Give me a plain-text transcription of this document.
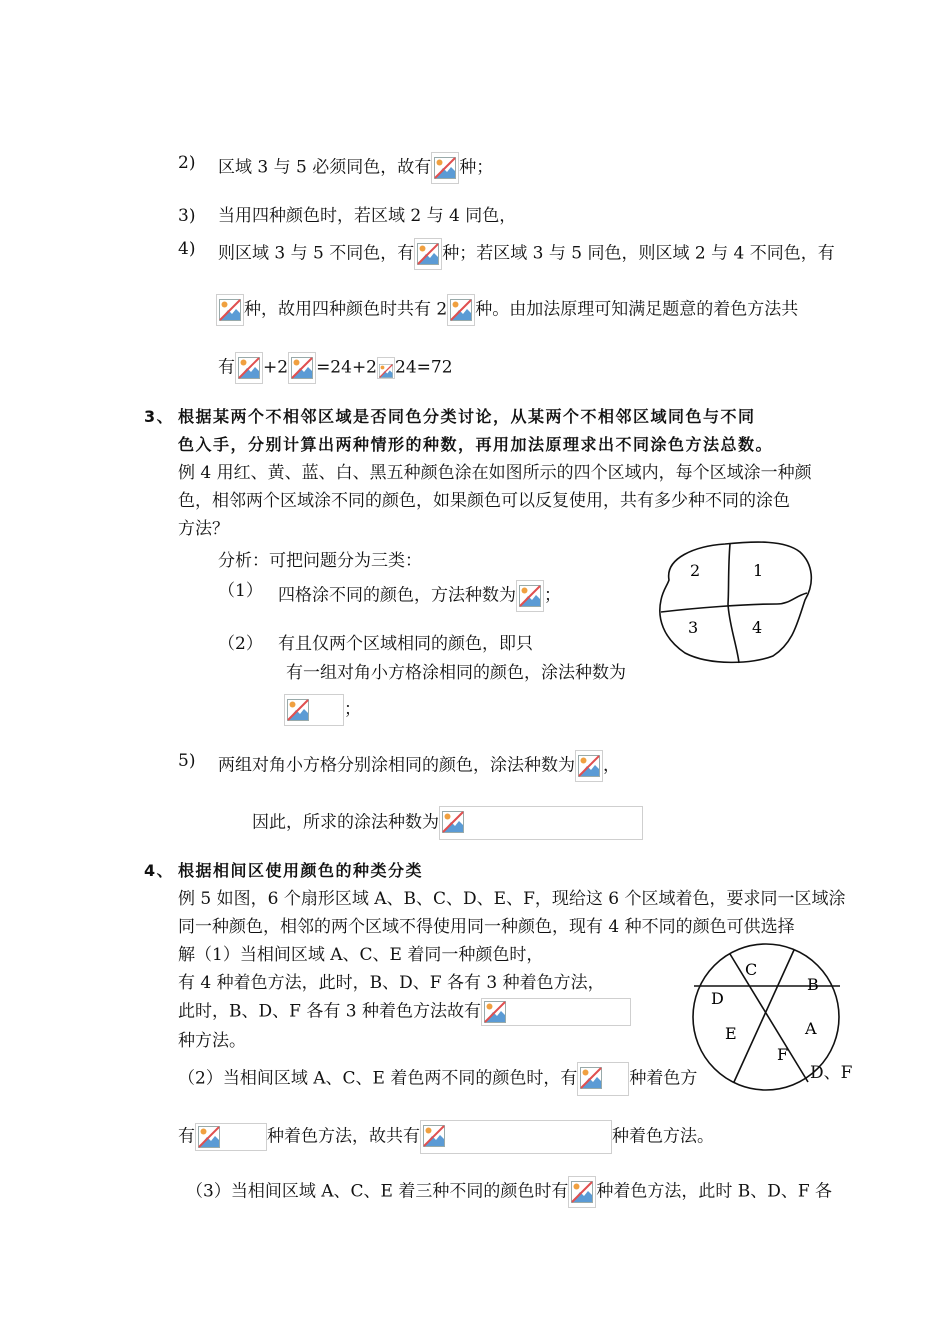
2) 区域 3 与 5 必须同色，故有 种；
3) 当用四种颜色时，若区域 2 与 4 同色，
4) 则区域 3 与 5 不同色，有 种；若区域 3 与 5 同色，则区域 2 与 4 不同色，有
种，故用四种颜色时共有 2 种。由加法原理可知满足题意的着色方法共
有 +2 =24+2 24=72
3、 根据某两个不相邻区域是否同色分类讨论，从某两个不相邻区域同色与不同
色入手，分别计算出两种情形的种数，再用加法原理求出不同涂色方法总数。
例 4 用红、黄、蓝、白、黑五种颜色涂在如图所示的四个区域内，每个区域涂一种颜
色，相邻两个区域涂不同的颜色，如果颜色可以反复使用，共有多少种不同的涂色
方法？
分析：可把问题分为三类：
（1） 四格涂不同的颜色，方法种数为 ；
（2） 有且仅两个区域相同的颜色，即只
有一组对角小方格涂相同的颜色，涂法种数为
；
2	1
3	4
5) 两组对角小方格分别涂相同的颜色，涂法种数为 ，
因此，所求的涂法种数为
4、 根据相间区使用颜色的种类分类
例 5 如图，6 个扇形区域 A、B、C、D、E、F，现给这 6 个区域着色，要求同一区域涂
同一种颜色，相邻的两个区域不得使用同一种颜色，现有 4 种不同的颜色可供选择
解（1）当相间区域 A、C、E 着同一种颜色时，
有 4 种着色方法，此时，B、D、F 各有 3 种着色方法，
此时，B、D、F 各有 3 种着色方法故有
种方法。
C
B
D
A
E
F
（2）当相间区域 A、C、E 着色两不同的颜色时，有	种着色方	D、F
有	种着色方法，故共有	种着色方法。
（3）当相间区域 A、C、E 着三种不同的颜色时有 种着色方法，此时 B、D、F 各
